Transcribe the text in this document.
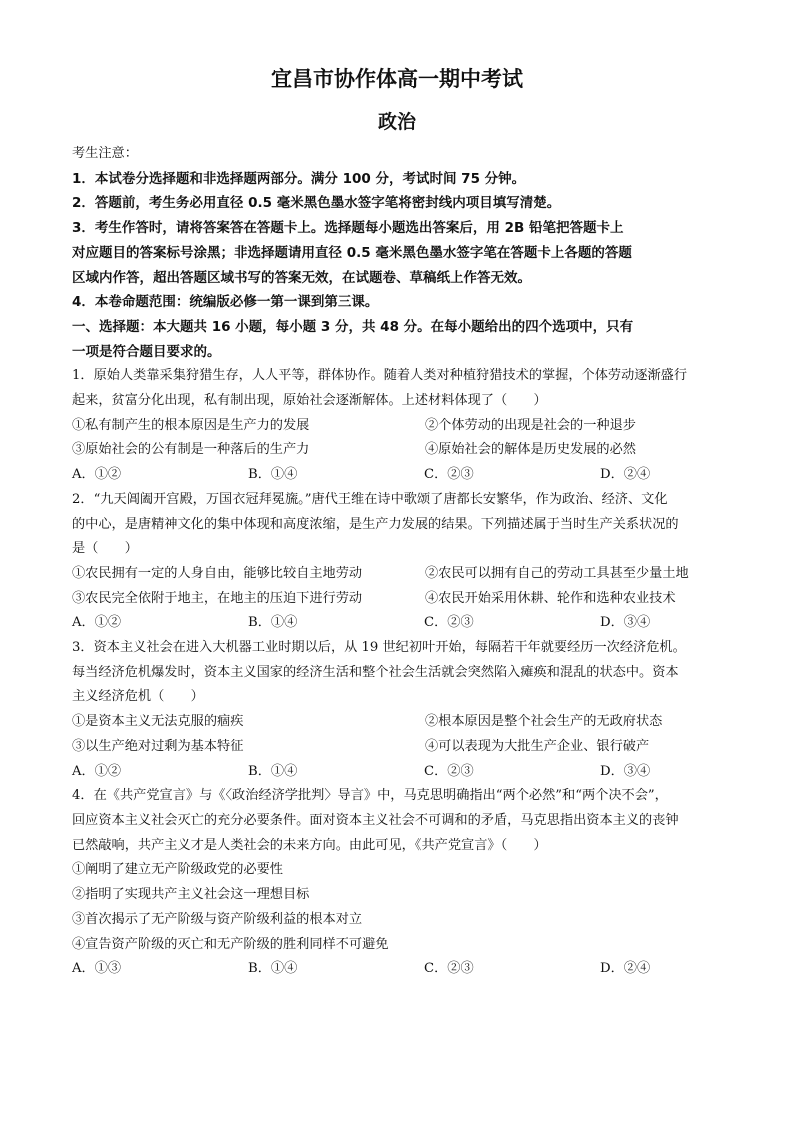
宜昌市协作体高一期中考试
政治
考生注意：
1．本试卷分选择题和非选择题两部分。满分 100 分，考试时间 75 分钟。
2．答题前，考生务必用直径 0.5 毫米黑色墨水签字笔将密封线内项目填写清楚。
3．考生作答时，请将答案答在答题卡上。选择题每小题选出答案后，用 2B 铅笔把答题卡上
对应题目的答案标号涂黑；非选择题请用直径 0.5 毫米黑色墨水签字笔在答题卡上各题的答题
区域内作答，超出答题区域书写的答案无效，在试题卷、草稿纸上作答无效。
4．本卷命题范围：统编版必修一第一课到第三课。
一、选择题：本大题共 16 小题，每小题 3 分，共 48 分。在每小题给出的四个选项中，只有
一项是符合题目要求的。
1．原始人类靠采集狩猎生存，人人平等，群体协作。随着人类对种植狩猎技术的掌握，个体劳动逐渐盛行
起来，贫富分化出现，私有制出现，原始社会逐渐解体。上述材料体现了（　　）
①私有制产生的根本原因是生产力的发展	②个体劳动的出现是社会的一种退步
③原始社会的公有制是一种落后的生产力	④原始社会的解体是历史发展的必然
A．①②	B．①④	C．②③	D．②④
2．“九天阊阖开宫殿，万国衣冠拜冕旒。”唐代王维在诗中歌颂了唐都长安繁华，作为政治、经济、文化
的中心，是唐精神文化的集中体现和高度浓缩，是生产力发展的结果。下列描述属于当时生产关系状况的
是（　　）
①农民拥有一定的人身自由，能够比较自主地劳动	②农民可以拥有自己的劳动工具甚至少量土地
③农民完全依附于地主，在地主的压迫下进行劳动	④农民开始采用休耕、轮作和选种农业技术
A．①②	B．①④	C．②③	D．③④
3．资本主义社会在进入大机器工业时期以后，从 19 世纪初叶开始，每隔若干年就要经历一次经济危机。
每当经济危机爆发时，资本主义国家的经济生活和整个社会生活就会突然陷入瘫痪和混乱的状态中。资本
主义经济危机（　　）
①是资本主义无法克服的痼疾	②根本原因是整个社会生产的无政府状态
③以生产绝对过剩为基本特征	④可以表现为大批生产企业、银行破产
A．①②	B．①④	C．②③	D．③④
4．在《共产党宣言》与《〈政治经济学批判〉导言》中，马克思明确指出“两个必然”和“两个决不会”，
回应资本主义社会灭亡的充分必要条件。面对资本主义社会不可调和的矛盾，马克思指出资本主义的丧钟
已然敲响，共产主义才是人类社会的未来方向。由此可见，《共产党宣言》（　　）
①阐明了建立无产阶级政党的必要性
②指明了实现共产主义社会这一理想目标
③首次揭示了无产阶级与资产阶级利益的根本对立
④宣告资产阶级的灭亡和无产阶级的胜利同样不可避免
A．①③	B．①④	C．②③	D．②④
